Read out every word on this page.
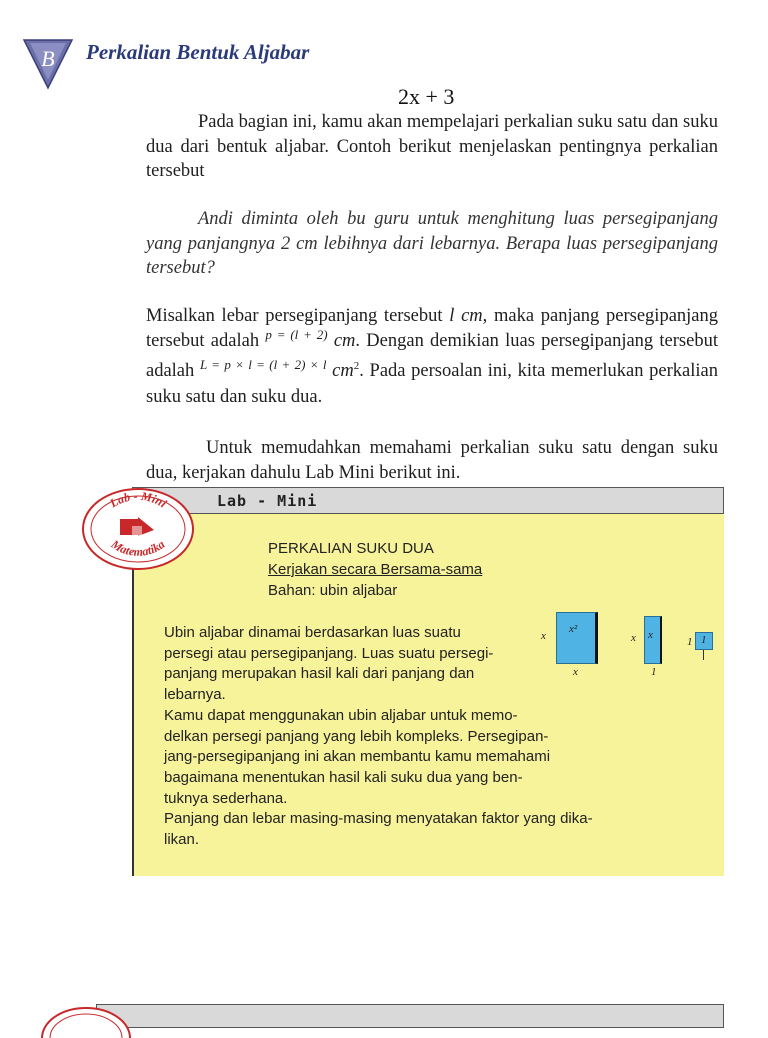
B Perkalian Bentuk Aljabar
2x + 3
Pada bagian ini, kamu akan mempelajari perkalian suku satu dan suku dua dari bentuk aljabar. Contoh berikut menjelaskan pentingnya perkalian tersebut
Andi diminta oleh bu guru untuk menghitung luas persegipanjang yang panjangnya 2 cm lebihnya dari lebarnya. Berapa luas persegipanjang tersebut?
Misalkan lebar persegipanjang tersebut l cm, maka panjang persegipanjang tersebut adalah $^{p = (l + 2)}$ cm. Dengan demikian luas persegipanjang tersebut adalah $^{L = p \times l = (l + 2) \times l}$ $cm^2$. Pada persoalan ini, kita memerlukan perkalian suku satu dan suku dua.
Untuk memudahkan memahami perkalian suku satu dengan suku dua, kerjakan dahulu Lab Mini berikut ini.
Lab - Mini
Lab - Mini
Matematika	PERKALIAN SUKU DUA
Kerjakan secara Bersama-sama
Bahan: ubin aljabar
Ubin aljabar dinamai berdasarkan luas suatu
persegi atau persegipanjang. Luas suatu persegi-
panjang merupakan hasil kali dari panjang dan
lebarnya.
Kamu dapat menggunakan ubin aljabar untuk memo-
delkan persegi panjang yang lebih kompleks. Persegipan-
jang-persegipanjang ini akan membantu kamu memahami
bagaimana menentukan hasil kali suku dua yang ben-
tuknya sederhana.
Panjang dan lebar masing-masing menyatakan faktor yang dika-
likan.
x
x²
x
x x
1
1 1
